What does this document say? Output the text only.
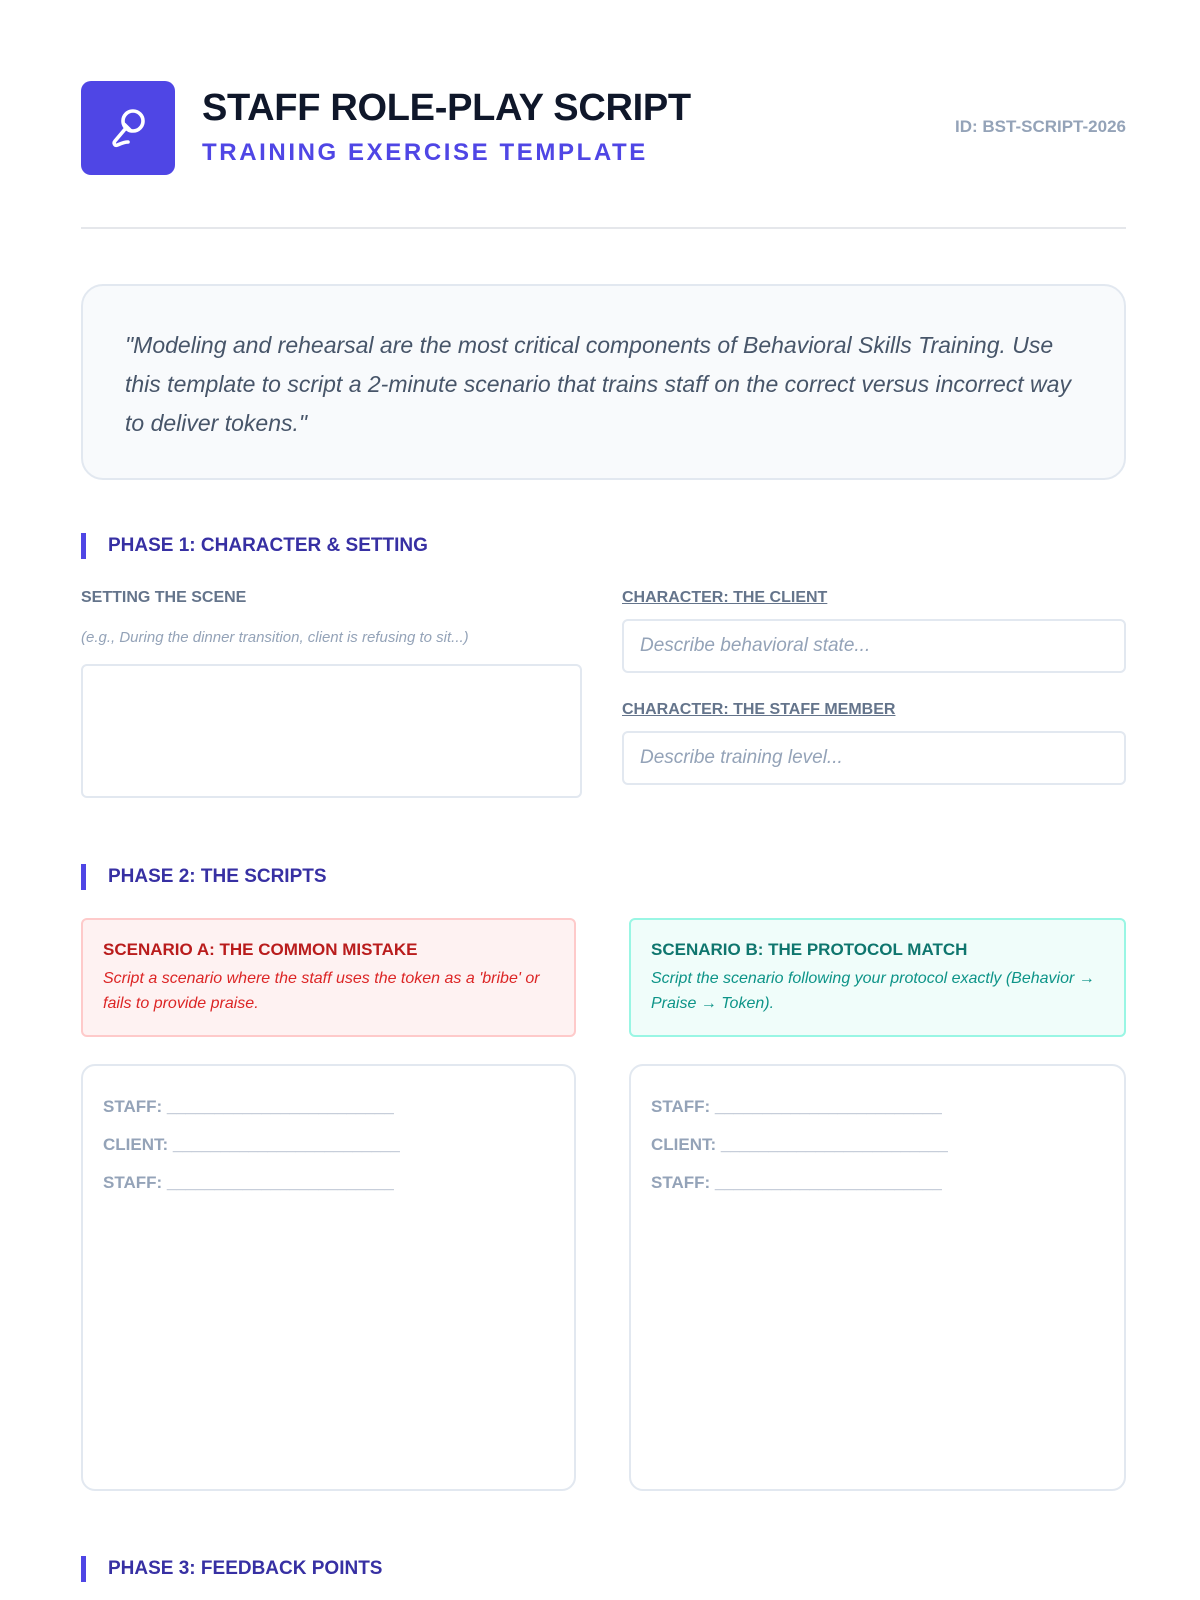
STAFF ROLE-PLAY SCRIPT
TRAINING EXERCISE TEMPLATE
ID: BST-SCRIPT-2026

"Modeling and rehearsal are the most critical components of Behavioral Skills Training. Use this template to script a 2-minute scenario that trains staff on the correct versus incorrect way to deliver tokens."

PHASE 1: CHARACTER & SETTING
SETTING THE SCENE
(e.g., During the dinner transition, client is refusing to sit...)
CHARACTER: THE CLIENT
Describe behavioral state...
CHARACTER: THE STAFF MEMBER
Describe training level...
PHASE 2: THE SCRIPTS
SCENARIO A: THE COMMON MISTAKE
Script a scenario where the staff uses the token as a 'bribe' or fails to provide praise.
SCENARIO B: THE PROTOCOL MATCH
Script the scenario following your protocol exactly (Behavior → Praise → Token).
STAFF: ________________________
CLIENT: ________________________
STAFF: ________________________
STAFF: ________________________
CLIENT: ________________________
STAFF: ________________________
PHASE 3: FEEDBACK POINTS
